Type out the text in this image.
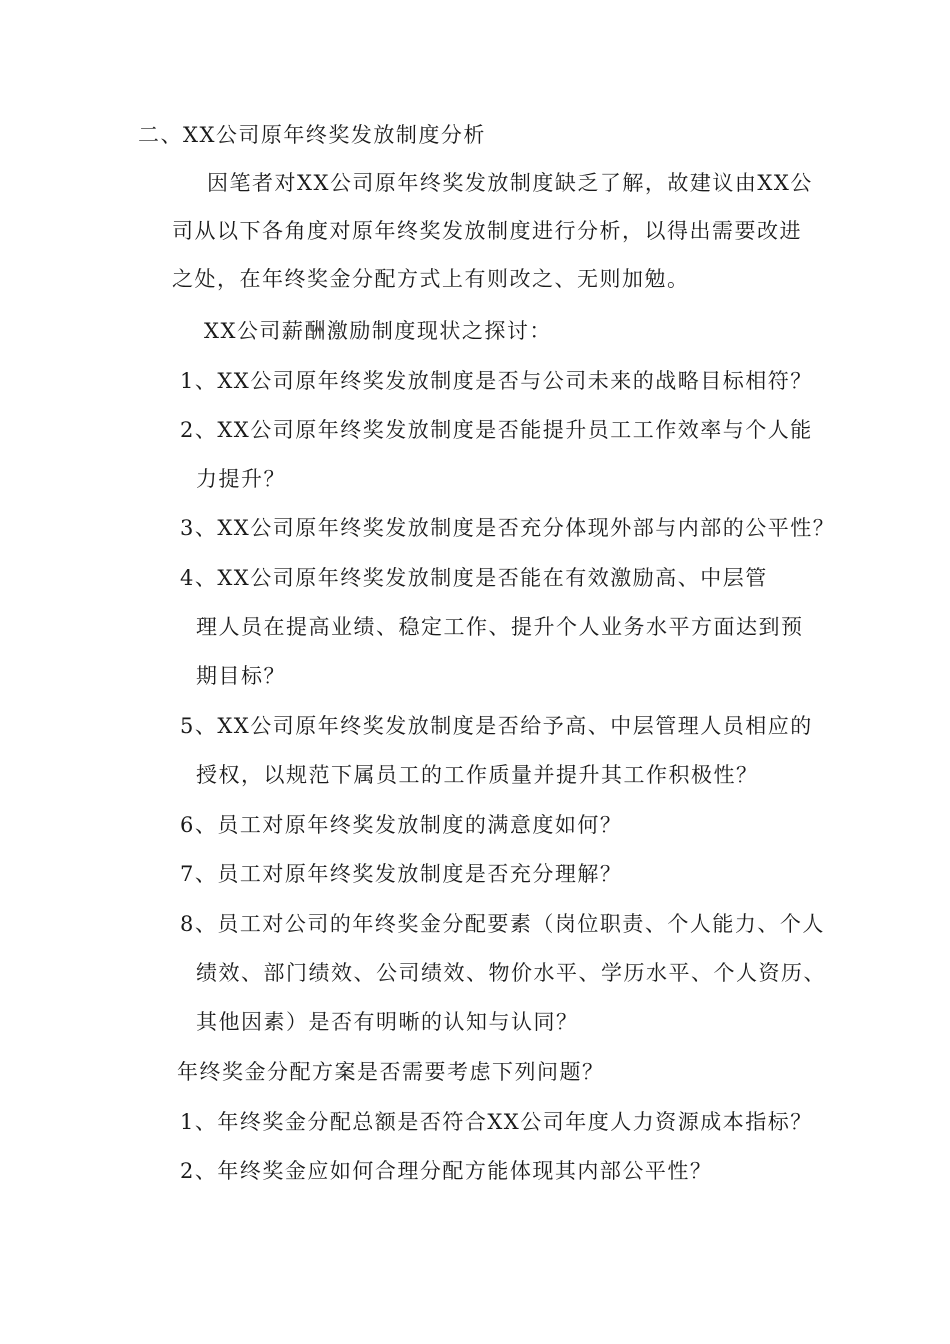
二、XX公司原年终奖发放制度分析
因笔者对XX公司原年终奖发放制度缺乏了解，故建议由XX公
司从以下各角度对原年终奖发放制度进行分析，以得出需要改进
之处，在年终奖金分配方式上有则改之、无则加勉。
XX公司薪酬激励制度现状之探讨：
1、XX公司原年终奖发放制度是否与公司未来的战略目标相符？
2、XX公司原年终奖发放制度是否能提升员工工作效率与个人能
力提升？
3、XX公司原年终奖发放制度是否充分体现外部与内部的公平性？
4、XX公司原年终奖发放制度是否能在有效激励高、中层管
理人员在提高业绩、稳定工作、提升个人业务水平方面达到预
期目标？
5、XX公司原年终奖发放制度是否给予高、中层管理人员相应的
授权，以规范下属员工的工作质量并提升其工作积极性？
6、员工对原年终奖发放制度的满意度如何？
7、员工对原年终奖发放制度是否充分理解？
8、员工对公司的年终奖金分配要素（岗位职责、个人能力、个人
绩效、部门绩效、公司绩效、物价水平、学历水平、个人资历、
其他因素）是否有明晰的认知与认同？
年终奖金分配方案是否需要考虑下列问题？
1、年终奖金分配总额是否符合XX公司年度人力资源成本指标？
2、年终奖金应如何合理分配方能体现其内部公平性？
